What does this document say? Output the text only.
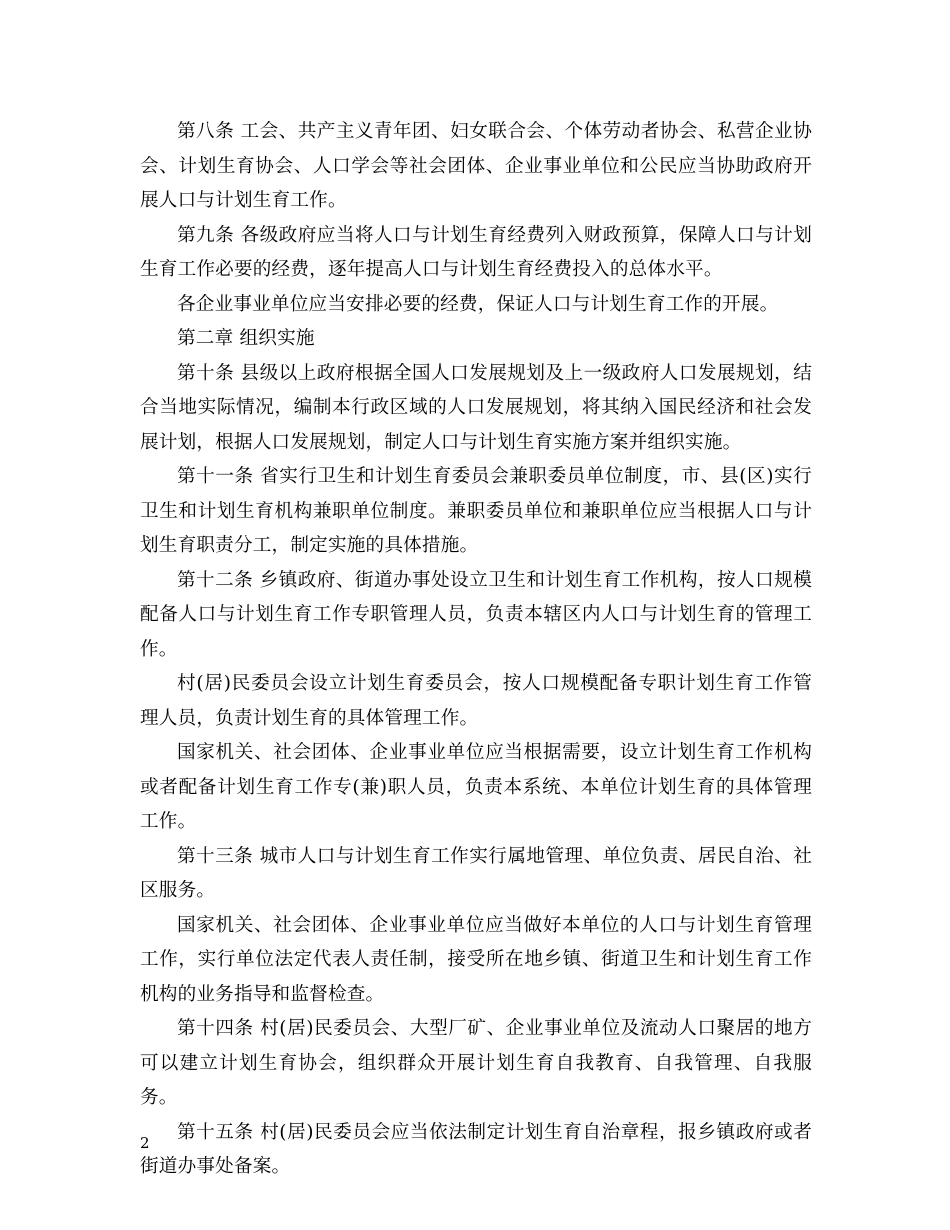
第八条 工会、共产主义青年团、妇女联合会、个体劳动者协会、私营企业协会、计划生育协会、人口学会等社会团体、企业事业单位和公民应当协助政府开展人口与计划生育工作。

第九条 各级政府应当将人口与计划生育经费列入财政预算，保障人口与计划生育工作必要的经费，逐年提高人口与计划生育经费投入的总体水平。

各企业事业单位应当安排必要的经费，保证人口与计划生育工作的开展。

第二章 组织实施

第十条 县级以上政府根据全国人口发展规划及上一级政府人口发展规划，结合当地实际情况，编制本行政区域的人口发展规划，将其纳入国民经济和社会发展计划，根据人口发展规划，制定人口与计划生育实施方案并组织实施。

第十一条 省实行卫生和计划生育委员会兼职委员单位制度，市、县(区)实行卫生和计划生育机构兼职单位制度。兼职委员单位和兼职单位应当根据人口与计划生育职责分工，制定实施的具体措施。

第十二条 乡镇政府、街道办事处设立卫生和计划生育工作机构，按人口规模配备人口与计划生育工作专职管理人员，负责本辖区内人口与计划生育的管理工作。

村(居)民委员会设立计划生育委员会，按人口规模配备专职计划生育工作管理人员，负责计划生育的具体管理工作。

国家机关、社会团体、企业事业单位应当根据需要，设立计划生育工作机构或者配备计划生育工作专(兼)职人员，负责本系统、本单位计划生育的具体管理工作。

第十三条 城市人口与计划生育工作实行属地管理、单位负责、居民自治、社区服务。

国家机关、社会团体、企业事业单位应当做好本单位的人口与计划生育管理工作，实行单位法定代表人责任制，接受所在地乡镇、街道卫生和计划生育工作机构的业务指导和监督检查。

第十四条 村(居)民委员会、大型厂矿、企业事业单位及流动人口聚居的地方可以建立计划生育协会，组织群众开展计划生育自我教育、自我管理、自我服务。

第十五条 村(居)民委员会应当依法制定计划生育自治章程，报乡镇政府或者街道办事处备案。

2
